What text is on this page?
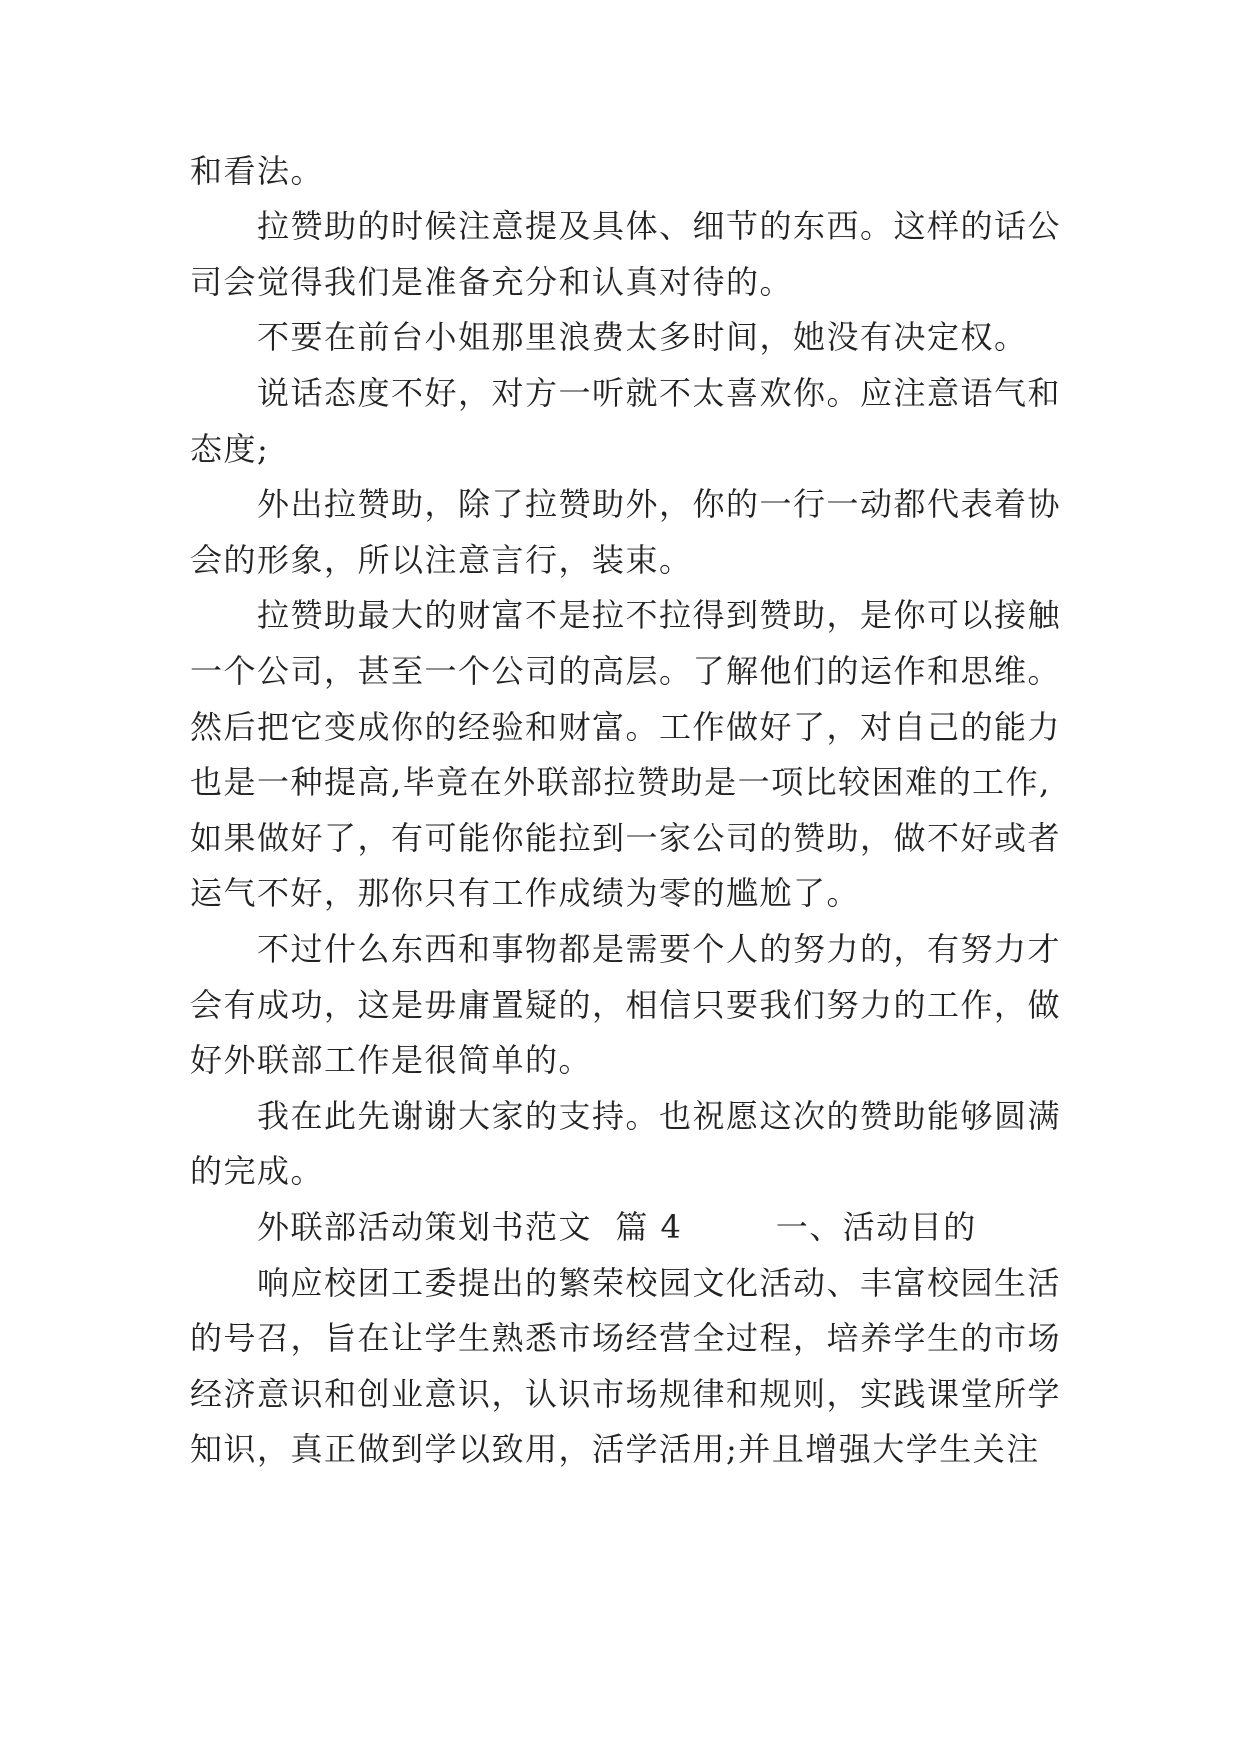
和看法。
拉赞助的时候注意提及具体、细节的东西。这样的话公
司会觉得我们是准备充分和认真对待的。
不要在前台小姐那里浪费太多时间，她没有决定权。
说话态度不好，对方一听就不太喜欢你。应注意语气和
态度;
外出拉赞助，除了拉赞助外，你的一行一动都代表着协
会的形象，所以注意言行，装束。
拉赞助最大的财富不是拉不拉得到赞助，是你可以接触
一个公司，甚至一个公司的高层。了解他们的运作和思维。
然后把它变成你的经验和财富。工作做好了，对自己的能力
也是一种提高,毕竟在外联部拉赞助是一项比较困难的工作,
如果做好了，有可能你能拉到一家公司的赞助，做不好或者
运气不好，那你只有工作成绩为零的尴尬了。
不过什么东西和事物都是需要个人的努力的，有努力才
会有成功，这是毋庸置疑的，相信只要我们努力的工作，做
好外联部工作是很简单的。
我在此先谢谢大家的支持。也祝愿这次的赞助能够圆满
的完成。
外联部活动策划书范文  篇 4        一、活动目的
响应校团工委提出的繁荣校园文化活动、丰富校园生活
的号召，旨在让学生熟悉市场经营全过程，培养学生的市场
经济意识和创业意识，认识市场规律和规则，实践课堂所学
知识，真正做到学以致用，活学活用;并且增强大学生关注
